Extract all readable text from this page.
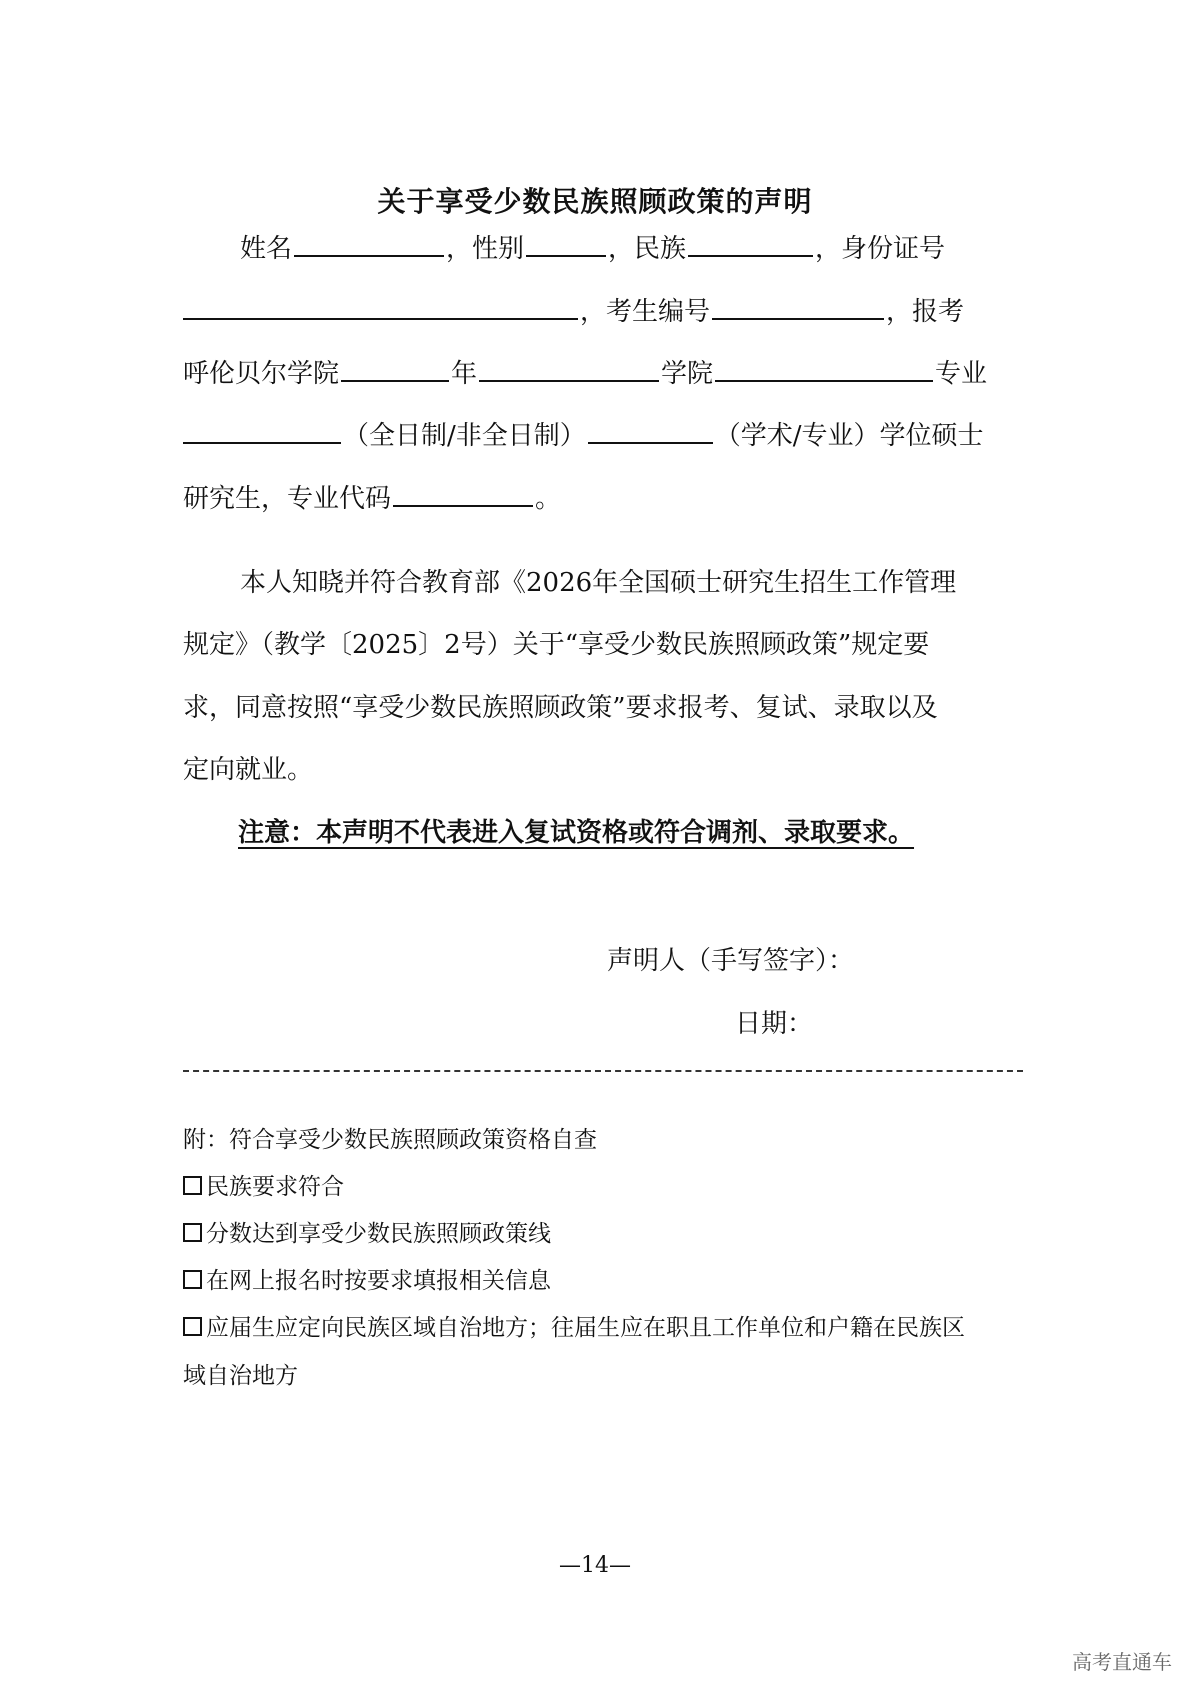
关于享受少数民族照顾政策的声明
姓名	，性别	，民族	，身份证号
，考生编号	，报考
呼伦贝尔学院	年	学院	专业
（全日制/非全日制）	（学术/专业）学位硕士
研究生，专业代码	。
本人知晓并符合教育部《2026年全国硕士研究生招生工作管理
规定》（教学〔2025〕2号）关于“享受少数民族照顾政策”规定要
求，同意按照“享受少数民族照顾政策”要求报考、复试、录取以及
定向就业。
注意：本声明不代表进入复试资格或符合调剂、录取要求。
声明人（手写签字）：
日期：
附：符合享受少数民族照顾政策资格自查
民族要求符合
分数达到享受少数民族照顾政策线
在网上报名时按要求填报相关信息
应届生应定向民族区域自治地方；往届生应在职且工作单位和户籍在民族区
域自治地方
—14—
高考直通车
